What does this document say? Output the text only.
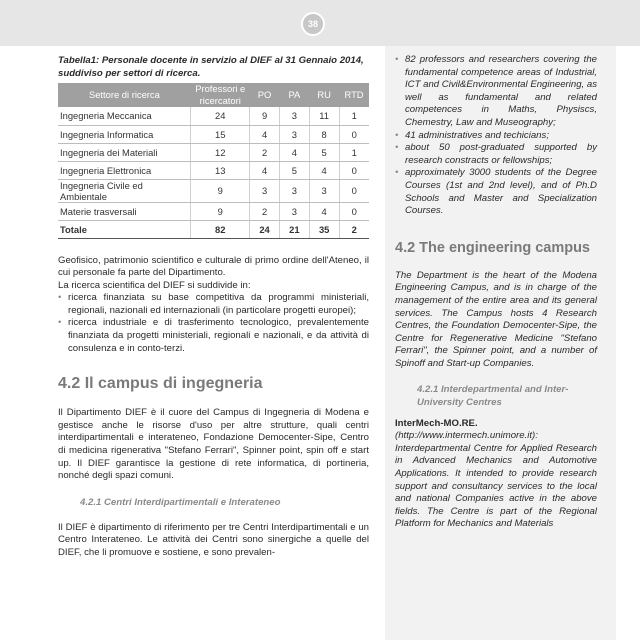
38
Tabella1: Personale docente in servizio al DIEF al 31 Gennaio 2014, suddiviso per settori di ricerca.
Settore di ricerca	Professori e ricercatori	PO	PA	RU	RTD
Ingegneria Meccanica	24	9	3	11	1
Ingegneria Informatica	15	4	3	8	0
Ingegneria dei Materiali	12	2	4	5	1
Ingegneria Elettronica	13	4	5	4	0
Ingegneria Civile ed Ambientale	9	3	3	3	0
Materie trasversali	9	2	3	4	0
Totale	82	24	21	35	2
Geofisico, patrimonio scientifico e culturale di primo ordine dell'Ateneo, il cui personale fa parte del Dipartimento.
La ricerca scientifica del DIEF si suddivide in:
• ricerca finanziata su base competitiva da programmi ministeriali, regionali, nazionali ed internazionali (in particolare progetti europei);
• ricerca industriale e di trasferimento tecnologico, prevalentemente finanziata da progetti ministeriali, regionali e nazionali, e da attività di consulenza e in conto-terzi.
4.2 Il campus di ingegneria
Il Dipartimento DIEF è il cuore del Campus di Ingegneria di Modena e gestisce anche le risorse d'uso per altre strutture, quali centri interdipartimentali e interateneo, Fondazione Democenter-Sipe, Centro di medicina rigenerativa "Stefano Ferrari", Spinner point, spin off e start up. Il DIEF garantisce la gestione di rete informatica, di portineria, nonché degli spazi comuni.
4.2.1 Centri Interdipartimentali e Interateneo
Il DIEF è dipartimento di riferimento per tre Centri Interdipartimentali e un Centro Interateneo. Le attività dei Centri sono sinergiche a quelle del DIEF, che li promuove e sostiene, e sono prevalen-
• 82 professors and researchers covering the fundamental competence areas of Industrial, ICT and Civil&Environmental Engineering, as well as fundamental and related competences in Maths, Physiscs, Chemestry, Law and Museography;
• 41 administratives and techicians;
• about 50 post-graduated supported by research constracts or fellowships;
• approximately 3000 students of the Degree Courses (1st and 2nd level), and of Ph.D Schools and Master and Specialization Courses.
4.2 The engineering campus
The Department is the heart of the Modena Engineering Campus, and is in charge of the management of the entire area and its general services. The Campus hosts 4 Research Centres, the Foundation Democenter-Sipe, the Centre for Regenerative Medicine "Stefano Ferrari", the Spinner point, and a number of Spinoff and Start-up Companies.
4.2.1 Interdepartmental and Inter-University Centres
InterMech-MO.RE. (http://www.intermech.unimore.it): Interdepartmental Centre for Applied Research in Advanced Mechanics and Automotive Applications. It intended to provide research support and consultancy services to the local and national Companies active in the above fields. The Centre is part of the Regional Platform for Mechanics and Materials
